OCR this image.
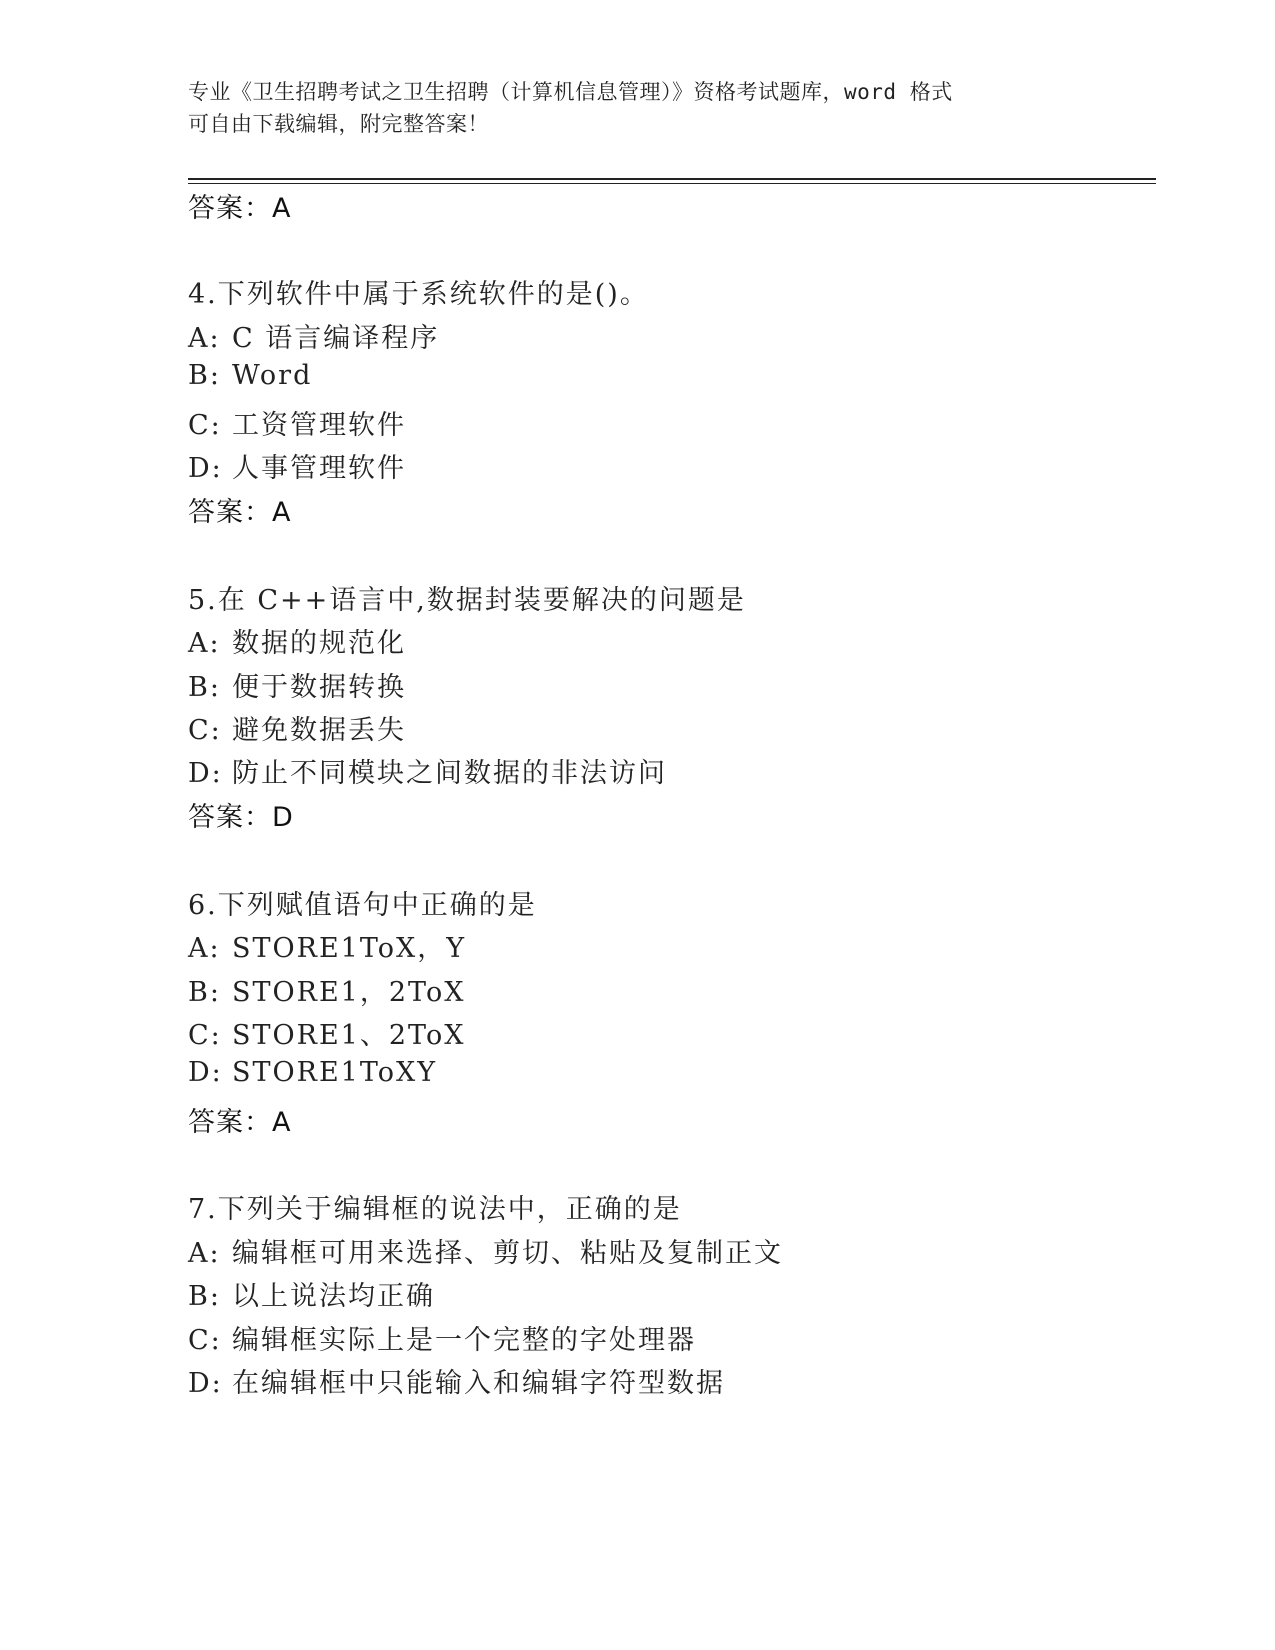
专业《卫生招聘考试之卫生招聘（计算机信息管理）》资格考试题库，word 格式
可自由下载编辑，附完整答案！
答案：A
4.下列软件中属于系统软件的是()。
A: C 语言编译程序
B: Word
C: 工资管理软件
D: 人事管理软件
答案：A
5.在 C++语言中,数据封装要解决的问题是
A: 数据的规范化
B: 便于数据转换
C: 避免数据丢失
D: 防止不同模块之间数据的非法访问
答案：D
6.下列赋值语句中正确的是
A: STORE1ToX，Y
B: STORE1，2ToX
C: STORE1、2ToX
D: STORE1ToXY
答案：A
7.下列关于编辑框的说法中，正确的是
A: 编辑框可用来选择、剪切、粘贴及复制正文
B: 以上说法均正确
C: 编辑框实际上是一个完整的字处理器
D: 在编辑框中只能输入和编辑字符型数据
